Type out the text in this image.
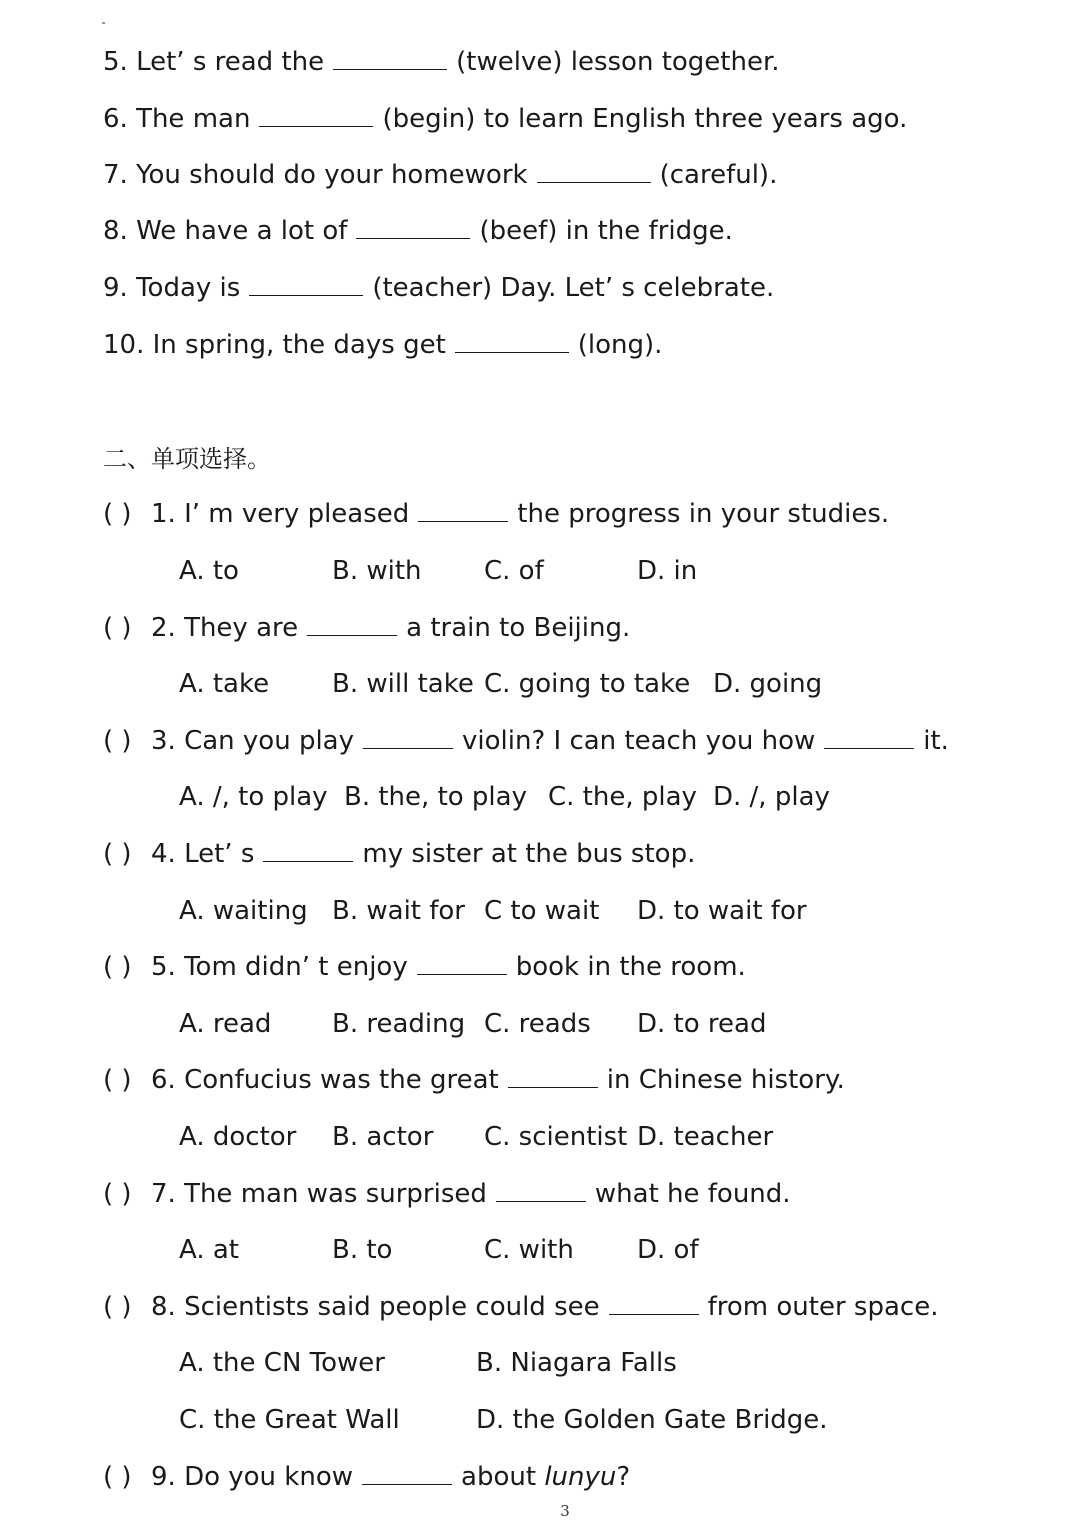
5. Let’ s read the	(twelve) lesson together.
6. The man	(begin) to learn English three years ago.
7. You should do your homework	(careful).
8. We have a lot of	(beef) in the fridge.
9. Today is	(teacher) Day. Let’ s celebrate.
10. In spring, the days get	(long).
二、单项选择。
( ) 1. I’ m very pleased	the progress in your studies.
A. to	B. with C. of	D. in
( ) 2. They are	a train to Beijing.
A. take B. will take C. going to take D. going
( ) 3. Can you play	violin? I can teach you how	it.
A. /, to play B. the, to play C. the, play D. /, play
( ) 4. Let’ s	my sister at the bus stop.
A. waiting B. wait for C to wait D. to wait for
( ) 5. Tom didn’ t enjoy	book in the room.
A. read B. reading C. reads D. to read
( ) 6. Confucius was the great	in Chinese history.
A. doctor B. actor C. scientist D. teacher
( ) 7. The man was surprised	what he found.
A. at	B. to	C. with D. of
( ) 8. Scientists said people could see	from outer space.
A. the CN Tower	B. Niagara Falls
C. the Great Wall	D. the Golden Gate Bridge.
( ) 9. Do you know	about lunyu?
3
